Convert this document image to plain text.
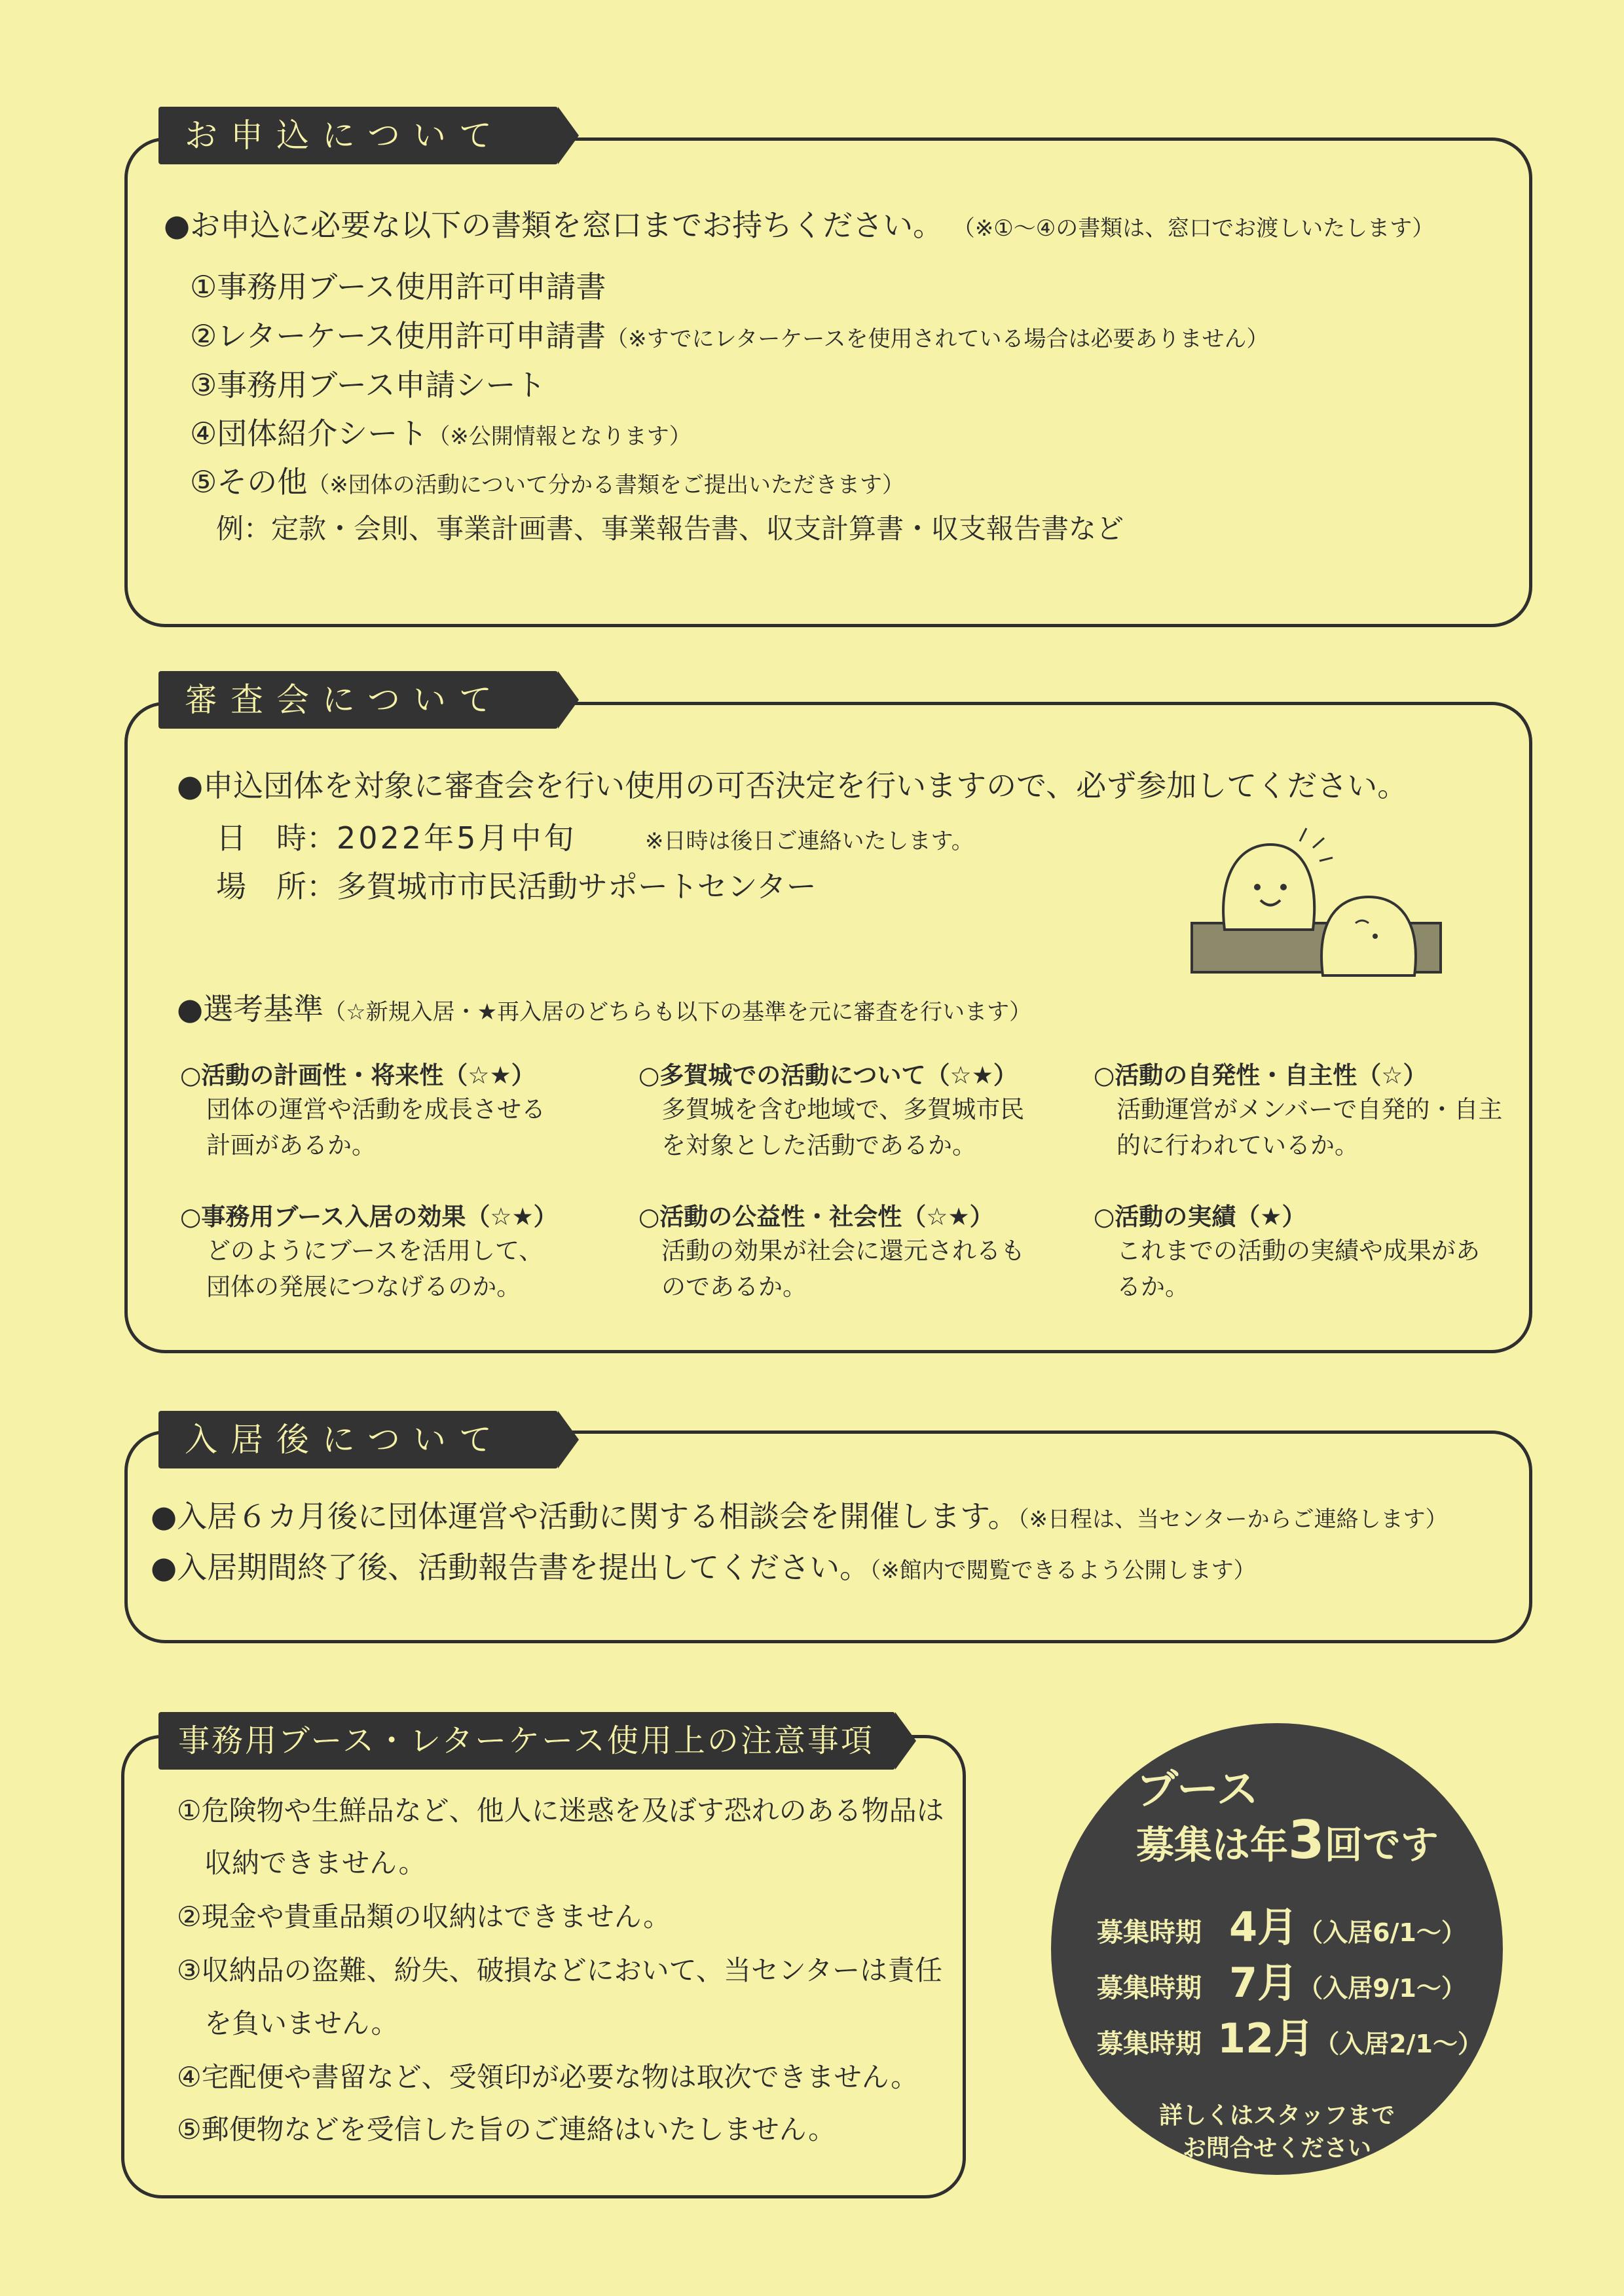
お申込について
●お申込に必要な以下の書類を窓口までお持ちください。 （※①～④の書類は、窓口でお渡しいたします）
①事務用ブース使用許可申請書
②レターケース使用許可申請書（※すでにレターケースを使用されている場合は必要ありません）
③事務用ブース申請シート
④団体紹介シート（※公開情報となります）
⑤その他（※団体の活動について分かる書類をご提出いただきます）
例：定款・会則、事業計画書、事業報告書、収支計算書・収支報告書など
審査会について
●申込団体を対象に審査会を行い使用の可否決定を行いますので、必ず参加してください。
日　時：2022年5月中旬	※日時は後日ご連絡いたします。
場　所：多賀城市市民活動サポートセンター
●選考基準（☆新規入居・★再入居のどちらも以下の基準を元に審査を行います）
○活動の計画性・将来性（☆★）
団体の運営や活動を成長させる計画があるか。
○多賀城での活動について（☆★）
多賀城を含む地域で、多賀城市民を対象とした活動であるか。
○活動の自発性・自主性（☆）
活動運営がメンバーで自発的・自主的に行われているか。
○事務用ブース入居の効果（☆★）
どのようにブースを活用して、団体の発展につなげるのか。
○活動の公益性・社会性（☆★）
活動の効果が社会に還元されるものであるか。
○活動の実績（★）
これまでの活動の実績や成果があるか。
入居後について
●入居６カ月後に団体運営や活動に関する相談会を開催します。（※日程は、当センターからご連絡します）
●入居期間終了後、活動報告書を提出してください。（※館内で閲覧できるよう公開します）
事務用ブース・レターケース使用上の注意事項
①危険物や生鮮品など、他人に迷惑を及ぼす恐れのある物品は
収納できません。
②現金や貴重品類の収納はできません。
③収納品の盗難、紛失、破損などにおいて、当センターは責任
を負いません。
④宅配便や書留など、受領印が必要な物は取次できません。
⑤郵便物などを受信した旨のご連絡はいたしません。
ブース
募集は年3回です
募集時期 4月（入居6/1～）
募集時期 7月（入居9/1～）
募集時期 12月（入居2/1～）
詳しくはスタッフまで
お問合せください
